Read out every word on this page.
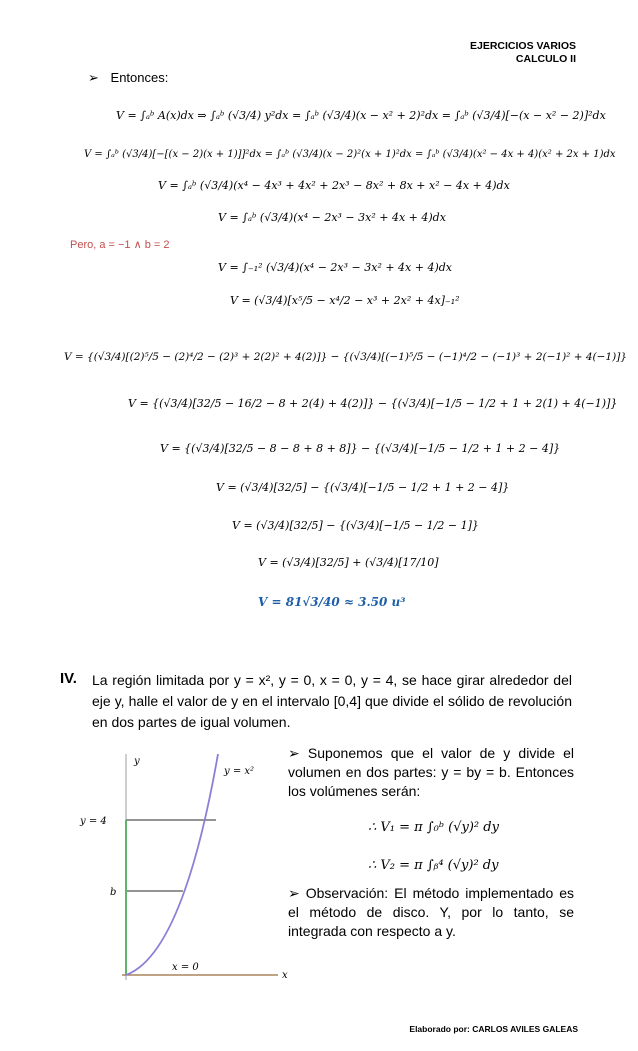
EJERCICIOS VARIOS
CALCULO II
➢ Entonces:
V = ∫ₐᵇ A(x)dx ⇒ ∫ₐᵇ (√3/4) y²dx = ∫ₐᵇ (√3/4)(x − x² + 2)²dx = ∫ₐᵇ (√3/4)[−(x − x² − 2)]²dx
V = ∫ₐᵇ (√3/4)[−[(x − 2)(x + 1)]]²dx = ∫ₐᵇ (√3/4)(x − 2)²(x + 1)²dx = ∫ₐᵇ (√3/4)(x² − 4x + 4)(x² + 2x + 1)dx
V = ∫ₐᵇ (√3/4)(x⁴ − 4x³ + 4x² + 2x³ − 8x² + 8x + x² − 4x + 4)dx
V = ∫ₐᵇ (√3/4)(x⁴ − 2x³ − 3x² + 4x + 4)dx
Pero, a = −1 ∧ b = 2
V = ∫₋₁² (√3/4)(x⁴ − 2x³ − 3x² + 4x + 4)dx
V = (√3/4)[x⁵/5 − x⁴/2 − x³ + 2x² + 4x]₋₁²
V = {(√3/4)[(2)⁵/5 − (2)⁴/2 − (2)³ + 2(2)² + 4(2)]} − {(√3/4)[(−1)⁵/5 − (−1)⁴/2 − (−1)³ + 2(−1)² + 4(−1)]}
V = {(√3/4)[32/5 − 16/2 − 8 + 2(4) + 4(2)]} − {(√3/4)[−1/5 − 1/2 + 1 + 2(1) + 4(−1)]}
V = {(√3/4)[32/5 − 8 − 8 + 8 + 8]} − {(√3/4)[−1/5 − 1/2 + 1 + 2 − 4]}
V = (√3/4)[32/5] − {(√3/4)[−1/5 − 1/2 + 1 + 2 − 4]}
V = (√3/4)[32/5] − {(√3/4)[−1/5 − 1/2 − 1]}
V = (√3/4)[32/5] + (√3/4)[17/10]
V = 81√3/40 ≈ 3.50 u³
IV. La región limitada por y = x², y = 0, x = 0, y = 4, se hace girar alrededor del eje y, halle el valor de y en el intervalo [0,4] que divide el sólido de revolución en dos partes de igual volumen.
y
x
y = x²
y = 4
b
x = 0
➢ Suponemos que el valor de y divide el volumen en dos partes: y = by = b. Entonces los volúmenes serán:
∴ V₁ = π ∫₀ᵇ (√y)² dy
∴ V₂ = π ∫ᵦ⁴ (√y)² dy
➢ Observación: El método implementado es el método de disco. Y, por lo tanto, se integrada con respecto a y.
Elaborado por: CARLOS AVILES GALEAS
